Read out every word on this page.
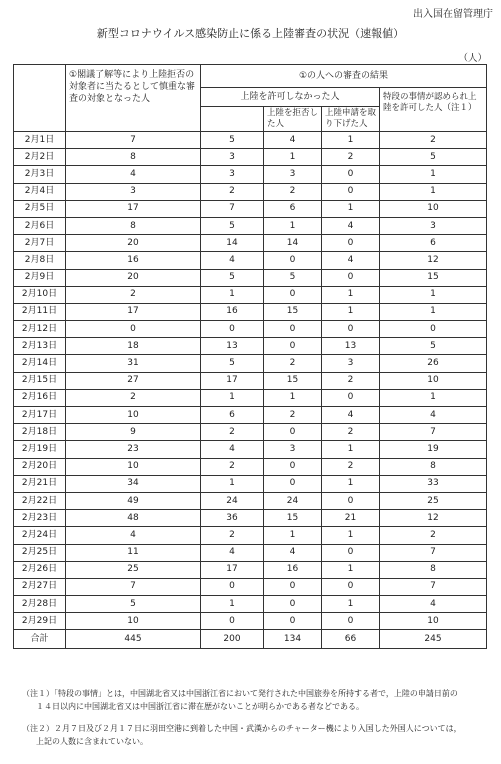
出入国在留管理庁
新型コロナウイルス感染防止に係る上陸審査の状況（速報値）
（人）
	①閣議了解等により上陸拒否の対象者に当たるとして慎重な審査の対象となった人	①の人への審査の結果			
		上陸を許可しなかった人			特段の事情が認められ上陸を許可した人（注１）
			上陸を拒否した人	上陸申請を取り下げた人	
2月1日	7	5	4	1	2
2月2日	8	3	1	2	5
2月3日	4	3	3	0	1
2月4日	3	2	2	0	1
2月5日	17	7	6	1	10
2月6日	8	5	1	4	3
2月7日	20	14	14	0	6
2月8日	16	4	0	4	12
2月9日	20	5	5	0	15
2月10日	2	1	0	1	1
2月11日	17	16	15	1	1
2月12日	0	0	0	0	0
2月13日	18	13	0	13	5
2月14日	31	5	2	3	26
2月15日	27	17	15	2	10
2月16日	2	1	1	0	1
2月17日	10	6	2	4	4
2月18日	9	2	0	2	7
2月19日	23	4	3	1	19
2月20日	10	2	0	2	8
2月21日	34	1	0	1	33
2月22日	49	24	24	0	25
2月23日	48	36	15	21	12
2月24日	4	2	1	1	2
2月25日	11	4	4	0	7
2月26日	25	17	16	1	8
2月27日	7	0	0	0	7
2月28日	5	1	0	1	4
2月29日	10	0	0	0	10
合計	445	200	134	66	245

（注１）「特段の事情」とは，中国湖北省又は中国浙江省において発行された中国旅券を所持する者で，上陸の申請日前の
１４日以内に中国湖北省又は中国浙江省に滞在歴がないことが明らかである者などである。

（注２）２月７日及び２月１７日に羽田空港に到着した中国・武漢からのチャーター機により入国した外国人については，
上記の人数に含まれていない。
